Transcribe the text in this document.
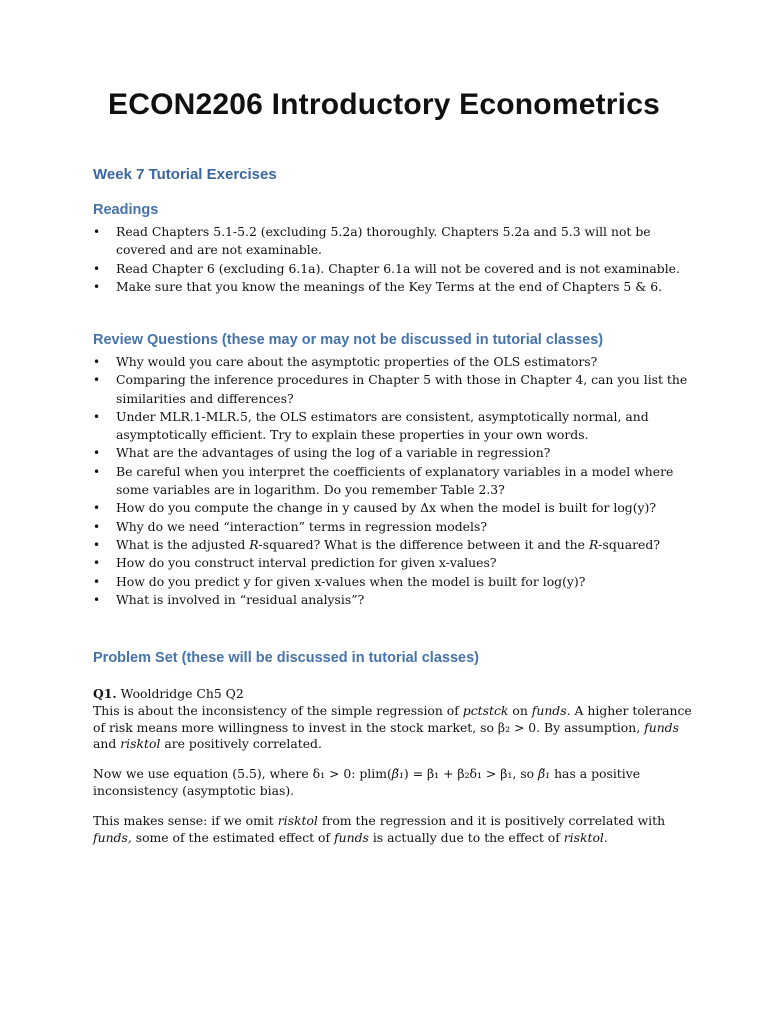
ECON2206 Introductory Econometrics
Week 7 Tutorial Exercises
Readings
• Read Chapters 5.1-5.2 (excluding 5.2a) thoroughly. Chapters 5.2a and 5.3 will not be covered and are not examinable.
• Read Chapter 6 (excluding 6.1a). Chapter 6.1a will not be covered and is not examinable.
• Make sure that you know the meanings of the Key Terms at the end of Chapters 5 & 6.
Review Questions (these may or may not be discussed in tutorial classes)
• Why would you care about the asymptotic properties of the OLS estimators?
• Comparing the inference procedures in Chapter 5 with those in Chapter 4, can you list the similarities and differences?
• Under MLR.1-MLR.5, the OLS estimators are consistent, asymptotically normal, and asymptotically efficient. Try to explain these properties in your own words.
• What are the advantages of using the log of a variable in regression?
• Be careful when you interpret the coefficients of explanatory variables in a model where some variables are in logarithm. Do you remember Table 2.3?
• How do you compute the change in y caused by Δx when the model is built for log(y)?
• Why do we need “interaction” terms in regression models?
• What is the adjusted R-squared? What is the difference between it and the R-squared?
• How do you construct interval prediction for given x-values?
• How do you predict y for given x-values when the model is built for log(y)?
• What is involved in “residual analysis”?
Problem Set (these will be discussed in tutorial classes)

Q1. Wooldridge Ch5 Q2

This is about the inconsistency of the simple regression of pctstck on funds. A higher tolerance of risk means more willingness to invest in the stock market, so β₂ > 0. By assumption, funds and risktol are positively correlated.

Now we use equation (5.5), where δ₁ > 0: plim(β̃₁) = β₁ + β₂δ₁ > β₁, so β̃₁ has a positive inconsistency (asymptotic bias).

This makes sense: if we omit risktol from the regression and it is positively correlated with funds, some of the estimated effect of funds is actually due to the effect of risktol.
